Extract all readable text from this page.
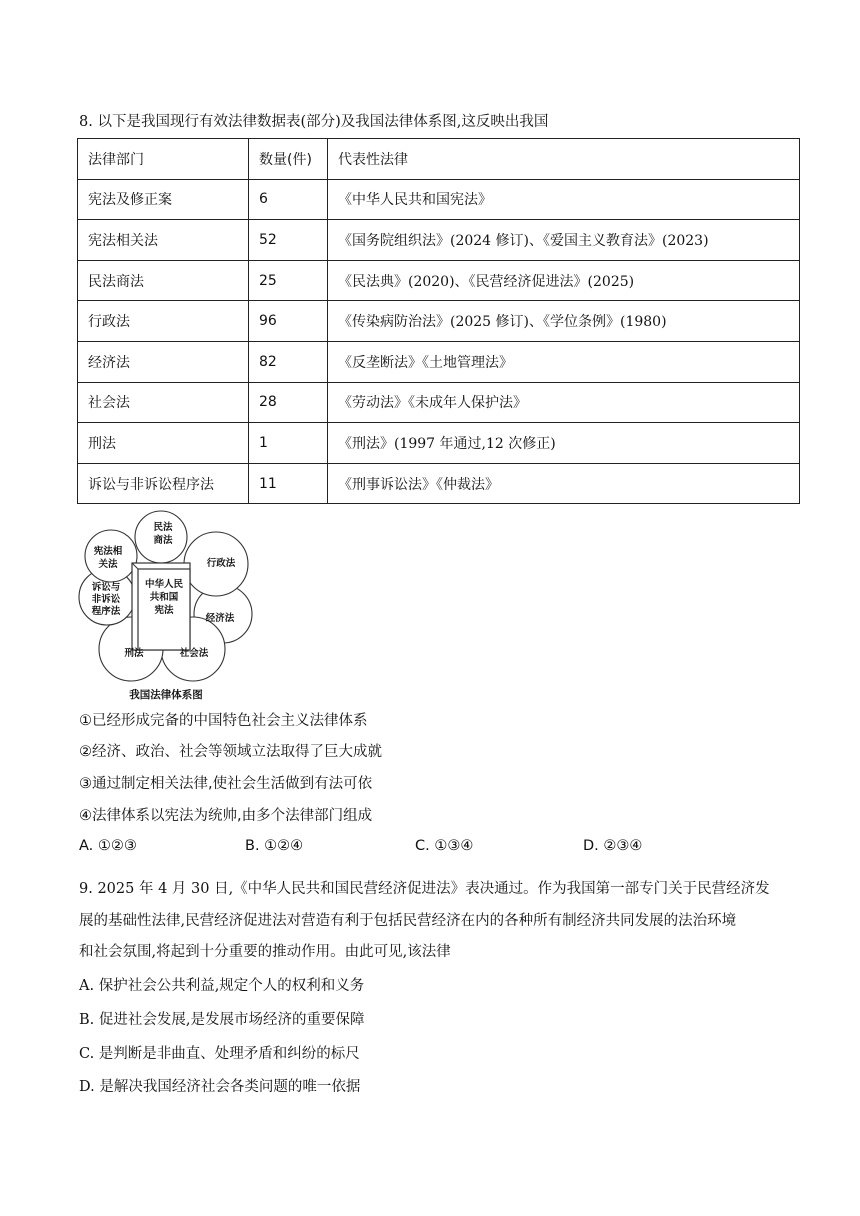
8. 以下是我国现行有效法律数据表(部分)及我国法律体系图,这反映出我国
法律部门	数量(件)	代表性法律
宪法及修正案	6	《中华人民共和国宪法》
宪法相关法	52	《国务院组织法》(2024 修订)、《爱国主义教育法》(2023)
民法商法	25	《民法典》(2020)、《民营经济促进法》(2025)
行政法	96	《传染病防治法》(2025 修订)、《学位条例》(1980)
经济法	82	《反垄断法》《土地管理法》
社会法	28	《劳动法》《未成年人保护法》
刑法	1	《刑法》(1997 年通过,12 次修正)
诉讼与非诉讼程序法	11	《刑事诉讼法》《仲裁法》
中华人民
共和国
宪法
民法
商法
行政法
宪法相
关法
诉讼与
非诉讼
程序法
经济法
刑法	社会法
我国法律体系图
①已经形成完备的中国特色社会主义法律体系
②经济、政治、社会等领域立法取得了巨大成就
③通过制定相关法律,使社会生活做到有法可依
④法律体系以宪法为统帅,由多个法律部门组成
A. ①②③	B. ①②④	C. ①③④	D. ②③④
9. 2025 年 4 月 30 日,《中华人民共和国民营经济促进法》表决通过。作为我国第一部专门关于民营经济发
展的基础性法律,民营经济促进法对营造有利于包括民营经济在内的各种所有制经济共同发展的法治环境
和社会氛围,将起到十分重要的推动作用。由此可见,该法律
A. 保护社会公共利益,规定个人的权利和义务
B. 促进社会发展,是发展市场经济的重要保障
C. 是判断是非曲直、处理矛盾和纠纷的标尺
D. 是解决我国经济社会各类问题的唯一依据
